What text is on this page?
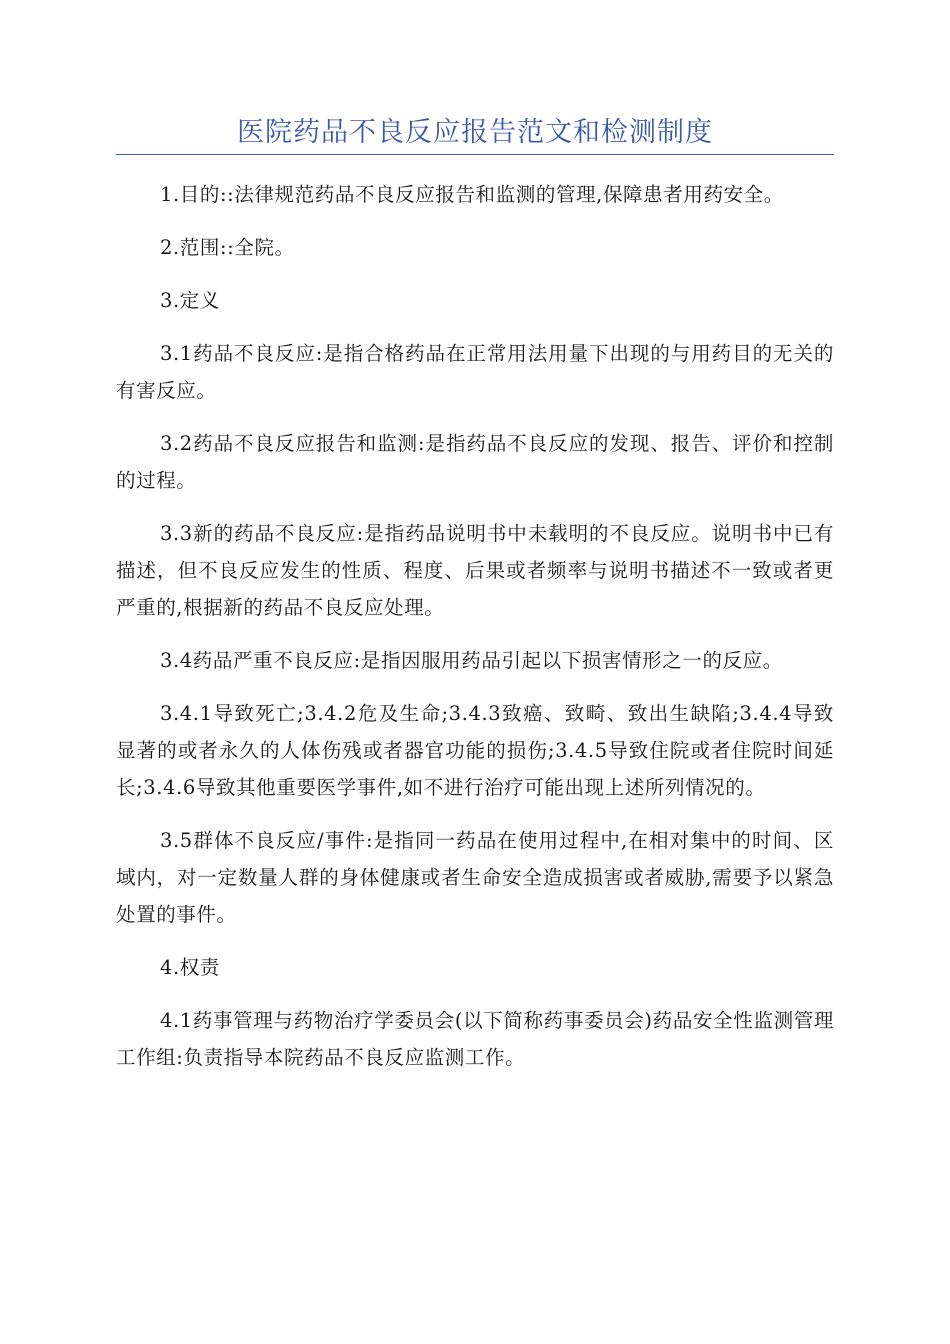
医院药品不良反应报告范文和检测制度

1.目的::法律规范药品不良反应报告和监测的管理,保障患者用药安全。

2.范围::全院。

3.定义

3.1药品不良反应:是指合格药品在正常用法用量下出现的与用药目的无关的有害反应。

3.2药品不良反应报告和监测:是指药品不良反应的发现、报告、评价和控制的过程。

3.3新的药品不良反应:是指药品说明书中未载明的不良反应。说明书中已有描述，但不良反应发生的性质、程度、后果或者频率与说明书描述不一致或者更严重的,根据新的药品不良反应处理。

3.4药品严重不良反应:是指因服用药品引起以下损害情形之一的反应。

3.4.1导致死亡;3.4.2危及生命;3.4.3致癌、致畸、致出生缺陷;3.4.4导致显著的或者永久的人体伤残或者器官功能的损伤;3.4.5导致住院或者住院时间延长;3.4.6导致其他重要医学事件,如不进行治疗可能出现上述所列情况的。

3.5群体不良反应/事件:是指同一药品在使用过程中,在相对集中的时间、区域内，对一定数量人群的身体健康或者生命安全造成损害或者威胁,需要予以紧急处置的事件。

4.权责

4.1药事管理与药物治疗学委员会(以下简称药事委员会)药品安全性监测管理工作组:负责指导本院药品不良反应监测工作。
